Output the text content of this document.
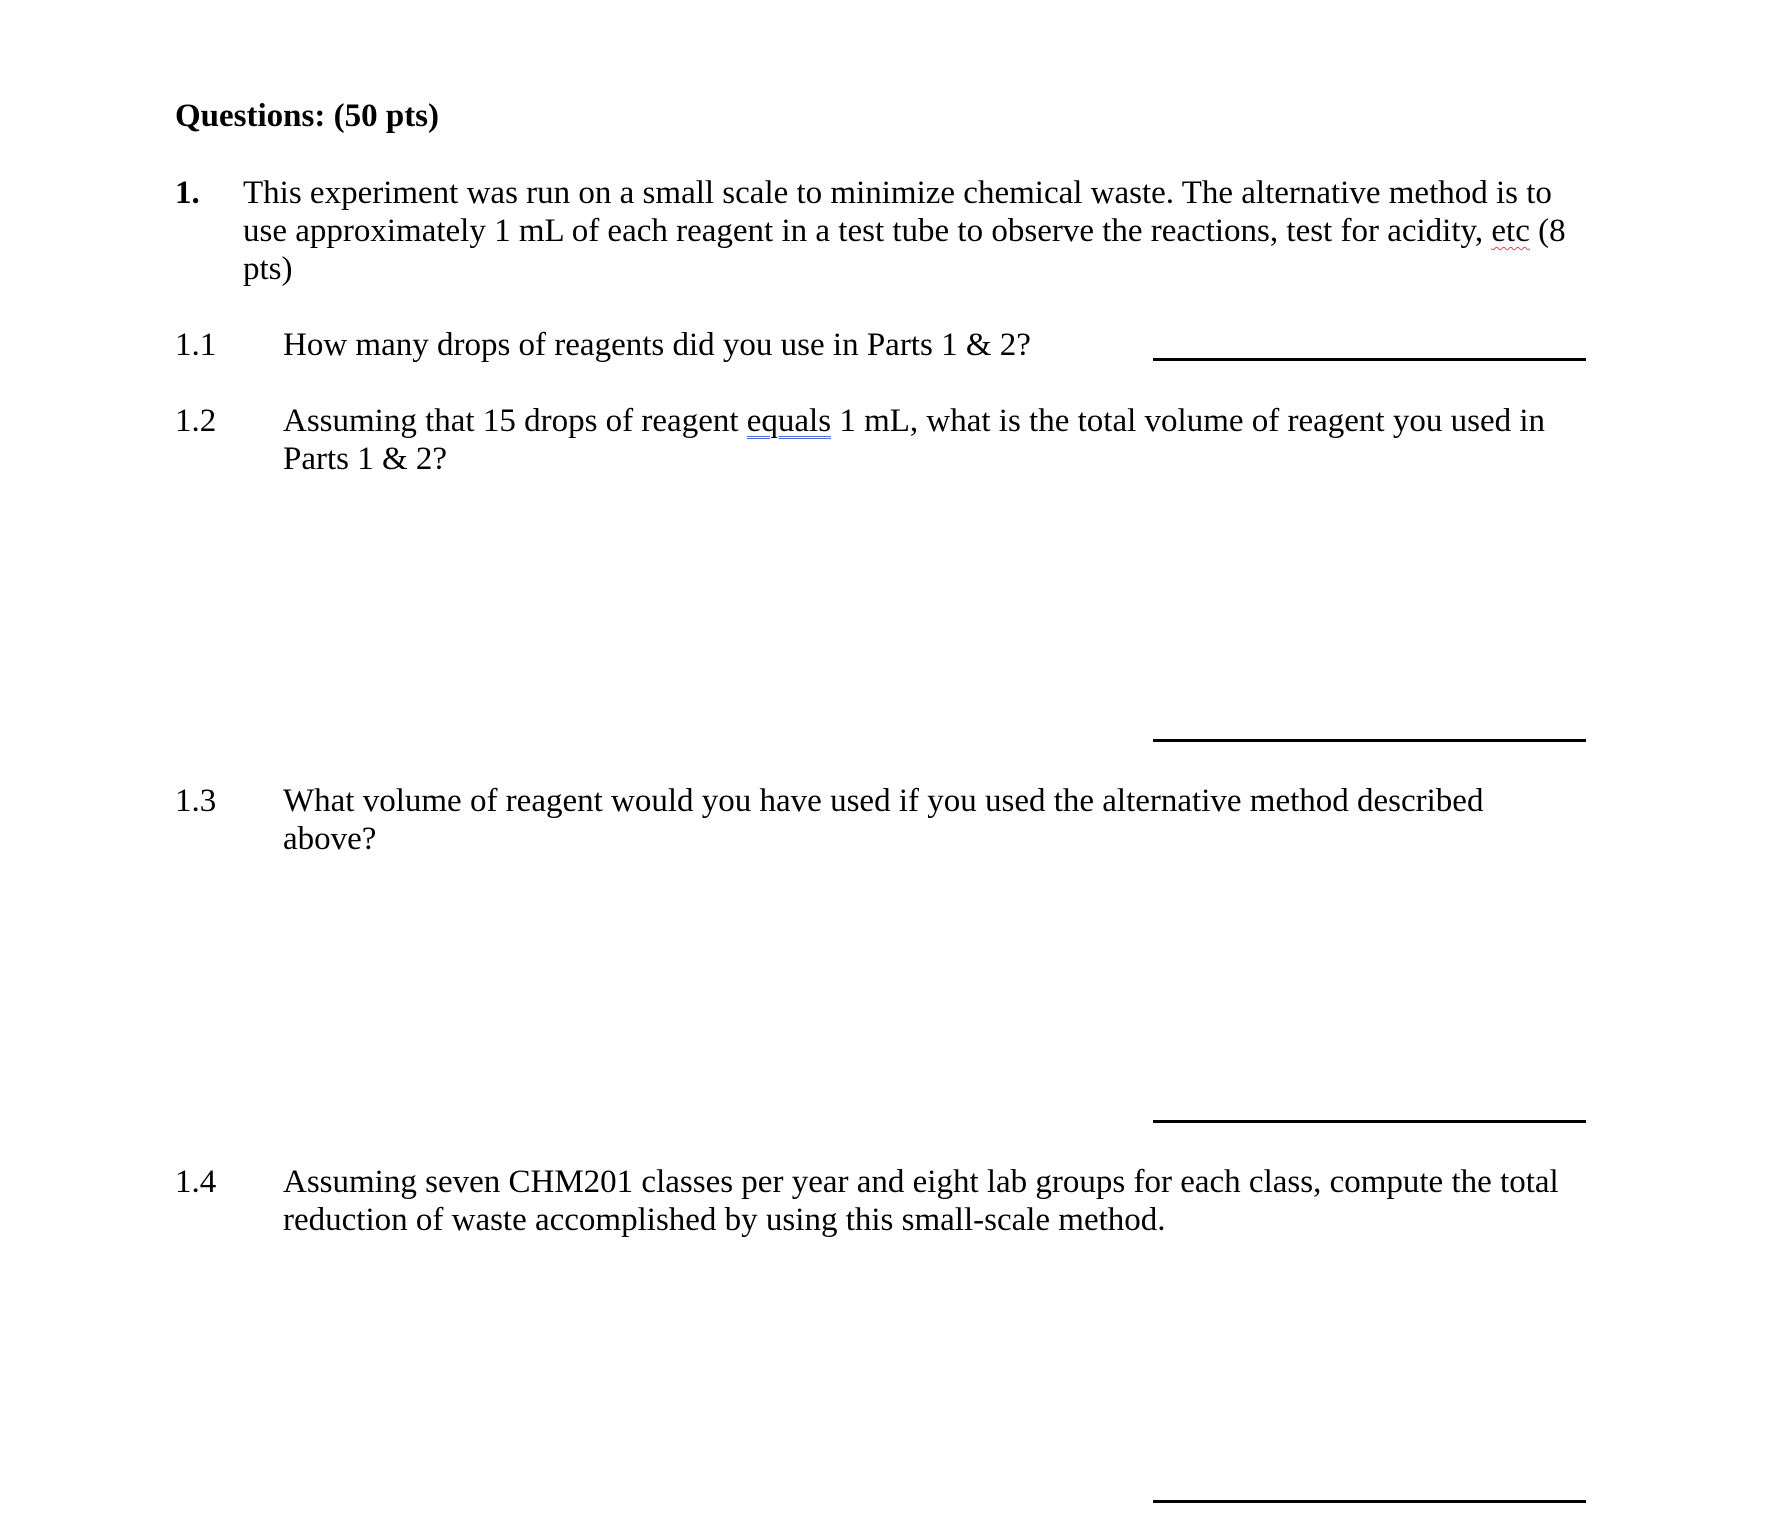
Questions: (50 pts)
1. This experiment was run on a small scale to minimize chemical waste. The alternative method is to use approximately 1 mL of each reagent in a test tube to observe the reactions, test for acidity, etc (8 pts)

1.1 How many drops of reagents did you use in Parts 1 & 2?

1.2 Assuming that 15 drops of reagent equals 1 mL, what is the total volume of reagent you used in Parts 1 & 2?

1.3 What volume of reagent would you have used if you used the alternative method described above?

1.4 Assuming seven CHM201 classes per year and eight lab groups for each class, compute the total reduction of waste accomplished by using this small-scale method.
